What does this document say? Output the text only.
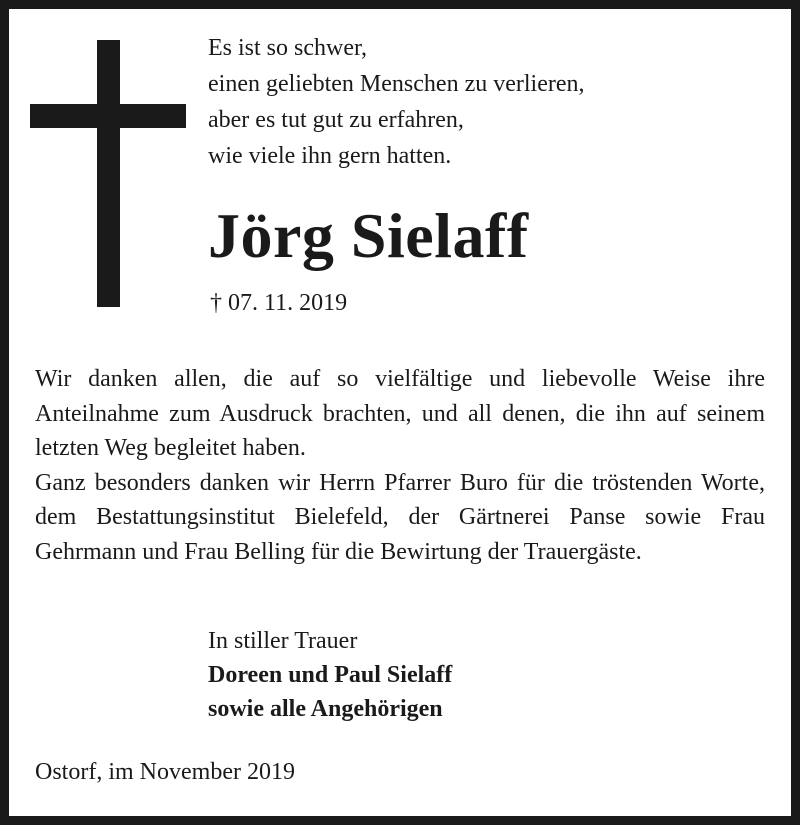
Es ist so schwer,
einen geliebten Menschen zu verlieren,
aber es tut gut zu erfahren,
wie viele ihn gern hatten.
Jörg Sielaff
† 07. 11. 2019

Wir danken allen, die auf so vielfältige und liebevolle Weise ihre Anteilnahme zum Ausdruck brachten, und all denen, die ihn auf seinem letzten Weg begleitet haben.

Ganz besonders danken wir Herrn Pfarrer Buro für die tröstenden Worte, dem Bestattungsinstitut Bielefeld, der Gärtnerei Panse sowie Frau Gehrmann und Frau Belling für die Bewirtung der Trauergäste.

In stiller Trauer
Doreen und Paul Sielaff
sowie alle Angehörigen
Ostorf, im November 2019
